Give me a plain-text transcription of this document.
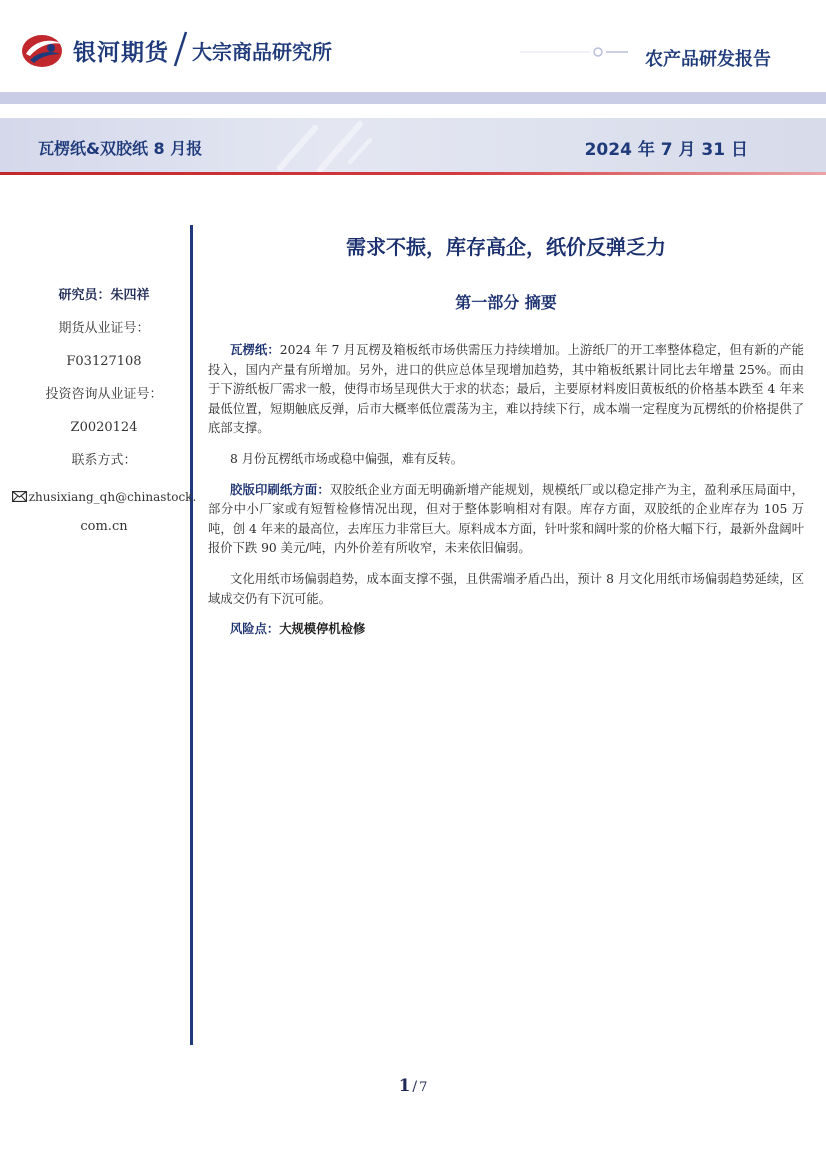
银河期货 大宗商品研究所	农产品研发报告
瓦楞纸&双胶纸 8 月报	2024 年 7 月 31 日
研究员：朱四祥
期货从业证号：
F03127108
投资咨询从业证号：
Z0020124
联系方式：
zhusixiang_qh@chinastock.
com.cn
需求不振，库存高企，纸价反弹乏力
第一部分 摘要

瓦楞纸：2024 年 7 月瓦楞及箱板纸市场供需压力持续增加。上游纸厂的开工率整体稳定，但有新的产能投入，国内产量有所增加。另外，进口的供应总体呈现增加趋势，其中箱板纸累计同比去年增量 25%。而由于下游纸板厂需求一般，使得市场呈现供大于求的状态；最后，主要原材料废旧黄板纸的价格基本跌至 4 年来最低位置，短期触底反弹，后市大概率低位震荡为主，难以持续下行，成本端一定程度为瓦楞纸的价格提供了底部支撑。

8 月份瓦楞纸市场或稳中偏强，难有反转。

胶版印刷纸方面：双胶纸企业方面无明确新增产能规划，规模纸厂或以稳定排产为主，盈利承压局面中，部分中小厂家或有短暂检修情况出现，但对于整体影响相对有限。库存方面，双胶纸的企业库存为 105 万吨，创 4 年来的最高位，去库压力非常巨大。原料成本方面，针叶浆和阔叶浆的价格大幅下行，最新外盘阔叶报价下跌 90 美元/吨，内外价差有所收窄，未来依旧偏弱。

文化用纸市场偏弱趋势，成本面支撑不强，且供需端矛盾凸出，预计 8 月文化用纸市场偏弱趋势延续，区域成交仍有下沉可能。

风险点：大规模停机检修

1 / 7
